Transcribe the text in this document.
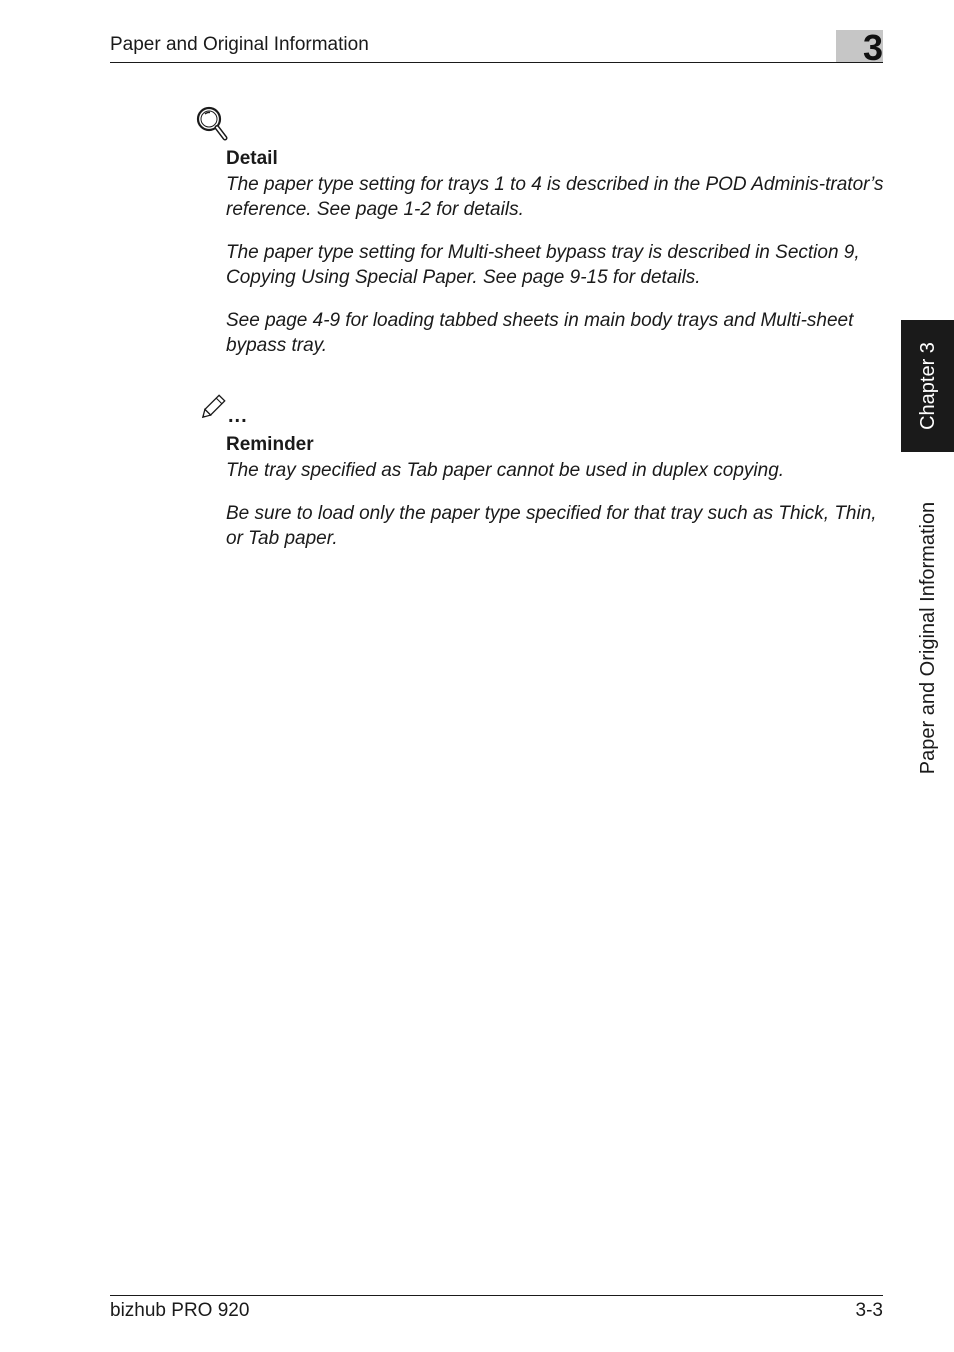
Paper and Original Information	3
Chapter 3
Paper and Original Information
Detail

The paper type setting for trays 1 to 4 is described in the POD Adminis-trator’s reference. See page 1-2 for details.

The paper type setting for Multi-sheet bypass tray is described in Section 9, Copying Using Special Paper. See page 9-15 for details.

See page 4-9 for loading tabbed sheets in main body trays and Multi-sheet bypass tray.

...
Reminder

The tray specified as Tab paper cannot be used in duplex copying.

Be sure to load only the paper type specified for that tray such as Thick, Thin, or Tab paper.

bizhub PRO 920	3-3
